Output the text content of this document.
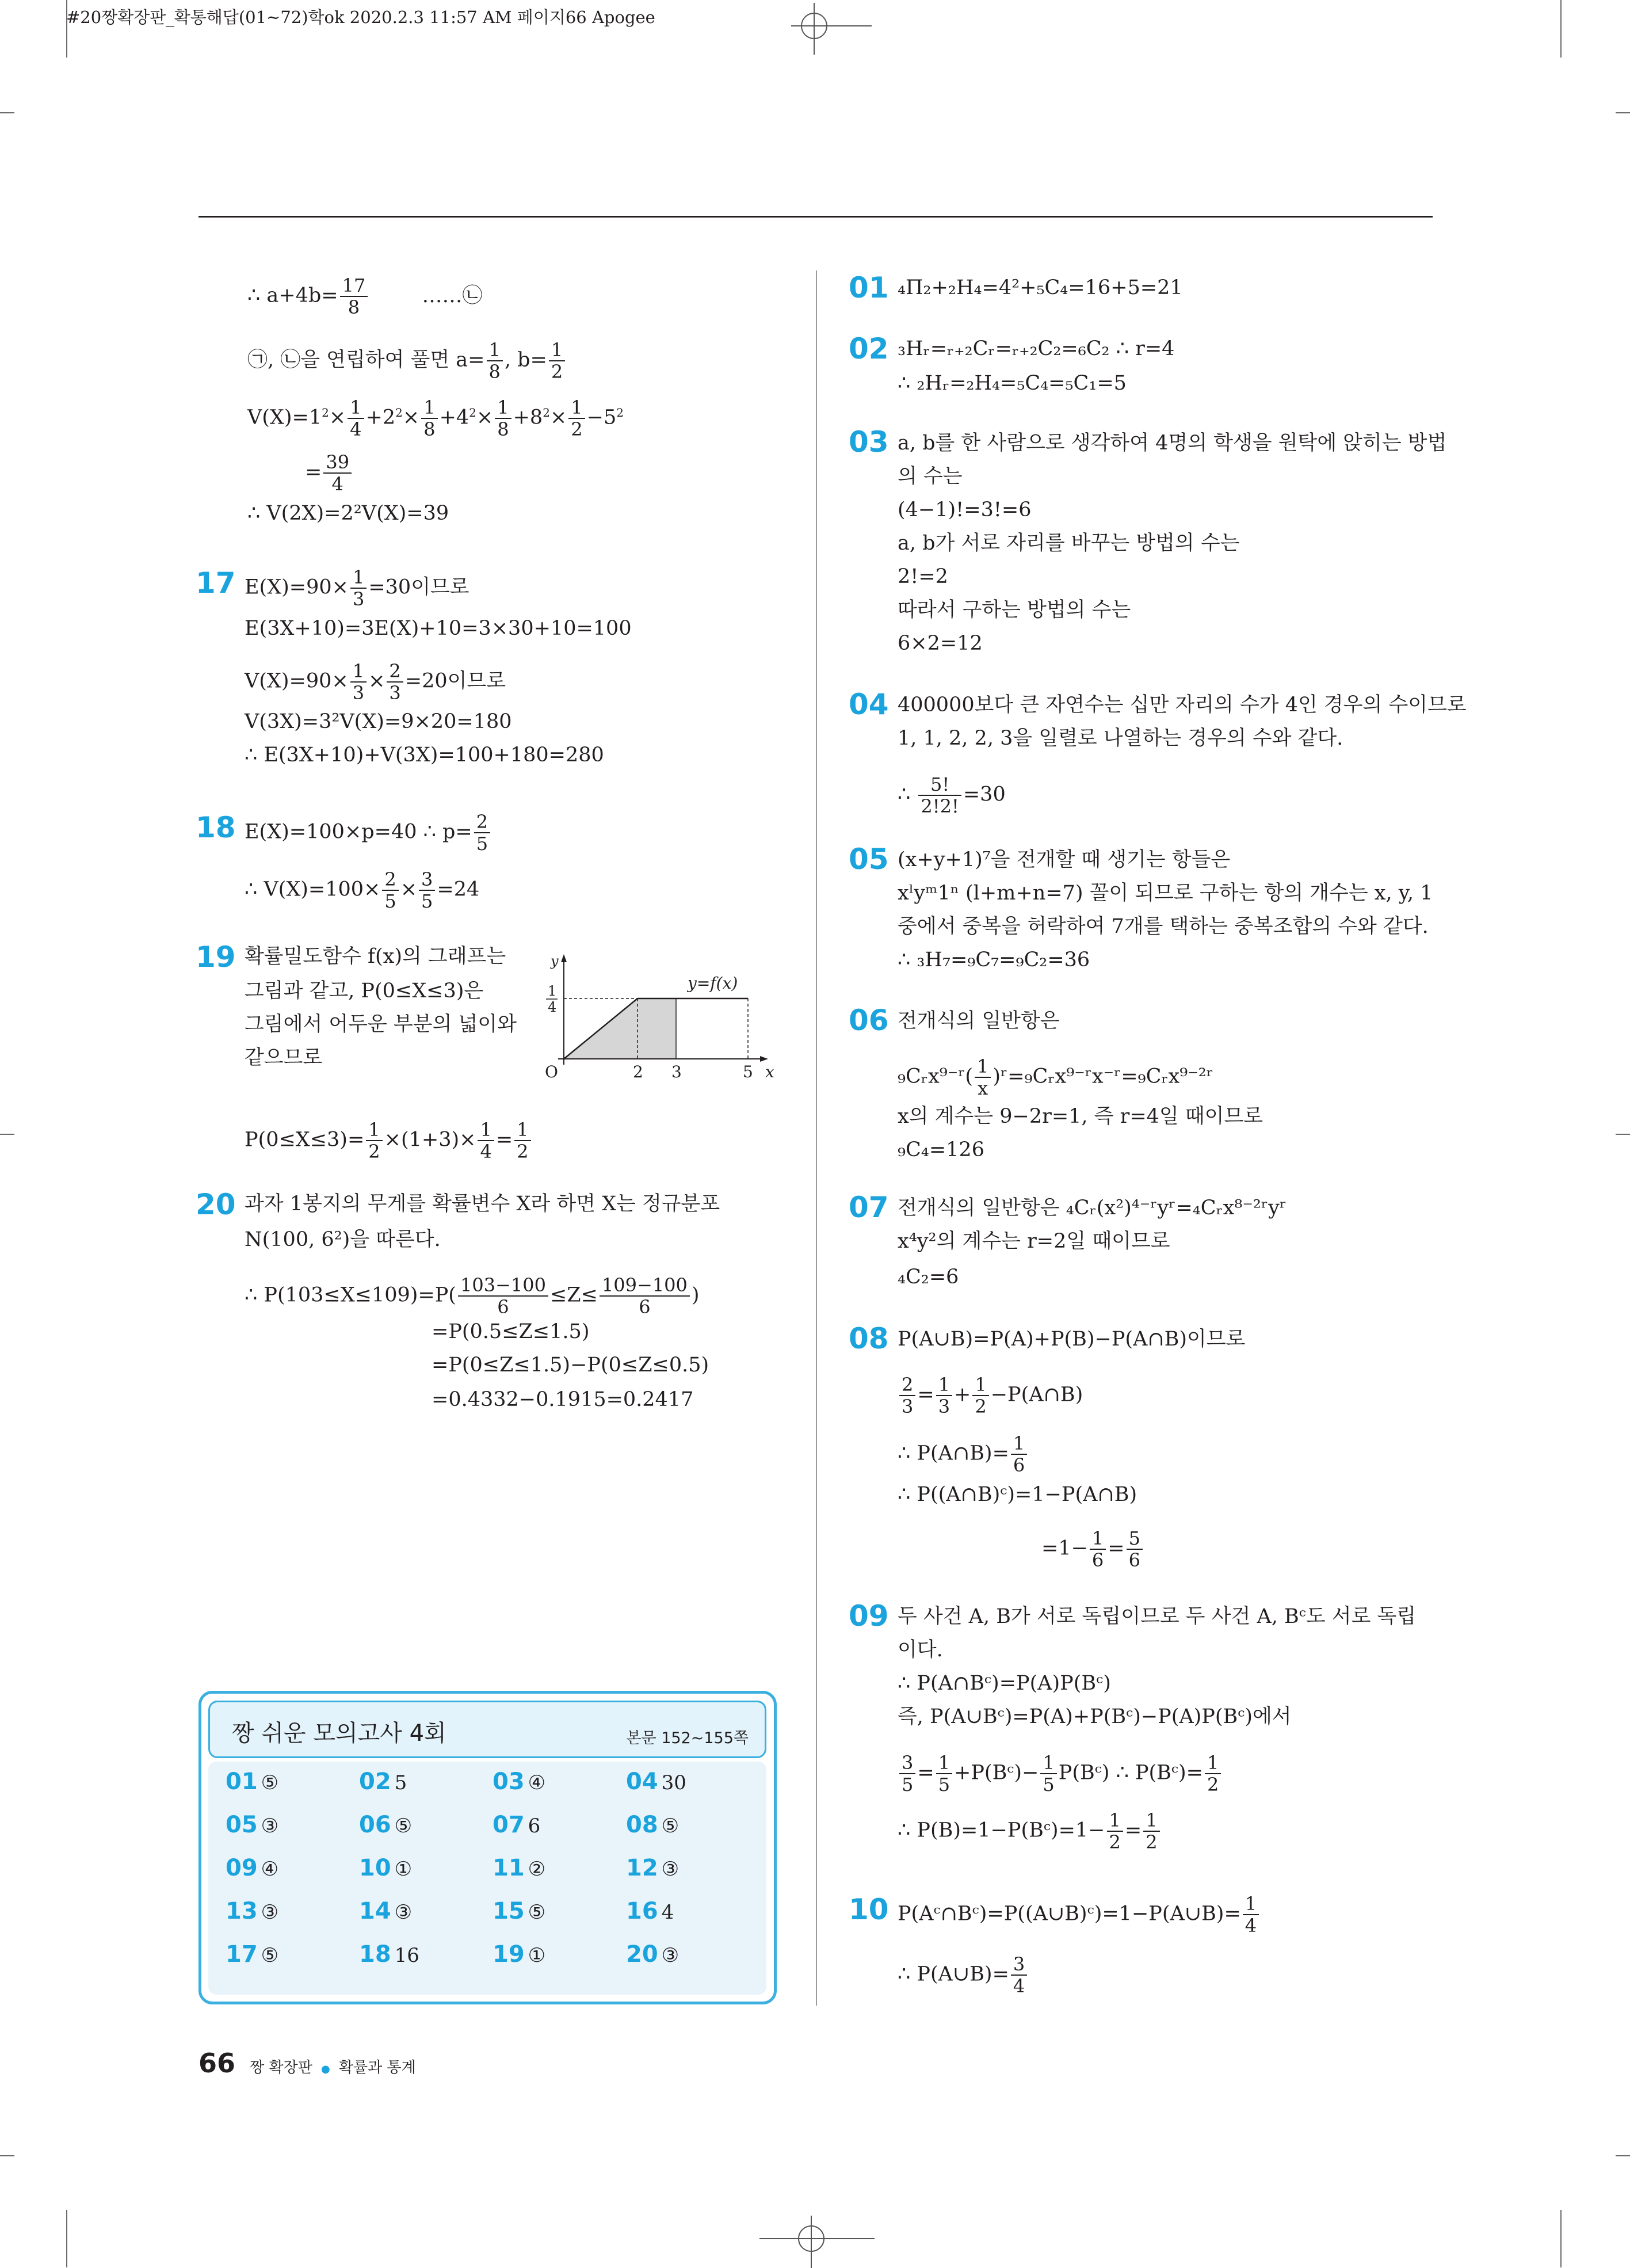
#20짱확장판_확통해답(01~72)학ok 2020.2.3 11:57 AM 페이지66 Apogee
∴ $a+4b= \frac{17}{8}$	……㉡
㉠, ㉡을 연립하여 풀면 $a= \frac{1}{8}$ , $b= \frac{1}{2}$
$V(X)=1^2\times \frac{1}{4} +2^2\times \frac{1}{8} +4^2\times \frac{1}{8} +8^2\times \frac{1}{2} -5^2$
= $\frac{39}{4}$
∴ V(2X)=2²V(X)=39
17 $E(X)=90\times \frac{1}{3} =30$이므로
E(3X+10)=3E(X)+10=3×30+10=100
$V(X)=90\times \frac{1}{3} \times \frac{2}{3} =20$이므로
V(3X)=3²V(X)=9×20=180
∴ E(3X+10)+V(3X)=100+180=280
18 E(X)=100×p=40 ∴ $p= \frac{2}{5}$
∴ $V(X)=100\times \frac{2}{5} \times \frac{3}{5} =24$
19 확률밀도함수 f(x)의 그래프는
그림과 같고, P(0≤X≤3)은
그림에서 어두운 부분의 넓이와
같으므로
y
x
O
y=f(x)
1
4
2 3	5
$P(0\le X\le 3)= \frac{1}{2} \times(1+3)\times \frac{1}{4} = \frac{1}{2}$
20 과자 1봉지의 무게를 확률변수 X라 하면 X는 정규분포
N(100, 6²)을 따른다.
∴ $P(103\le X\le 109)=P( \frac{103-100}{6} \le Z\le \frac{109-100}{6}$ )
=P(0.5≤Z≤1.5)
=P(0≤Z≤1.5)−P(0≤Z≤0.5)
=0.4332−0.1915=0.2417
짱 쉬운 모의고사 4회	본문 152~155쪽
01 ⑤	02 5	03 ④	04 30
05 ③	06 ⑤	07 6	08 ⑤
09 ④	10 ①	11 ②	12 ③
13 ③	14 ③	15 ⑤	16 4
17 ⑤	18 16	19 ①	20 ③
01 ₄Π₂+₂H₄=4²+₅C₄=16+5=21
02 ₃Hᵣ=ᵣ₊₂Cᵣ=ᵣ₊₂C₂=₆C₂ ∴ r=4
∴ ₂Hᵣ=₂H₄=₅C₄=₅C₁=5
03 a, b를 한 사람으로 생각하여 4명의 학생을 원탁에 앉히는 방법
의 수는
(4−1)!=3!=6
a, b가 서로 자리를 바꾸는 방법의 수는
2!=2
따라서 구하는 방법의 수는
6×2=12
04 400000보다 큰 자연수는 십만 자리의 수가 4인 경우의 수이므로
1, 1, 2, 2, 3을 일렬로 나열하는 경우의 수와 같다.
∴ $\frac{5!}{2!2!} =30$
05 (x+y+1)⁷을 전개할 때 생기는 항들은
xˡyᵐ1ⁿ (l+m+n=7) 꼴이 되므로 구하는 항의 개수는 x, y, 1
중에서 중복을 허락하여 7개를 택하는 중복조합의 수와 같다.
∴ ₃H₇=₉C₇=₉C₂=36
06 전개식의 일반항은
₉Cᵣx⁹⁻ʳ( $\frac{1}{x}$ )ʳ=₉Cᵣx⁹⁻ʳx⁻ʳ=₉Cᵣx⁹⁻²ʳ
x의 계수는 9−2r=1, 즉 r=4일 때이므로
₉C₄=126
07 전개식의 일반항은 ₄Cᵣ(x²)⁴⁻ʳyʳ=₄Cᵣx⁸⁻²ʳyʳ
x⁴y²의 계수는 r=2일 때이므로
₄C₂=6
08 P(A∪B)=P(A)+P(B)−P(A∩B)이므로
$\frac{2}{3} = \frac{1}{3} + \frac{1}{2}$ −P(A∩B)
∴ P(A∩B)= $\frac{1}{6}$
∴ P((A∩B)ᶜ)=1−P(A∩B)
$=1- \frac{1}{6} = \frac{5}{6}$
09 두 사건 A, B가 서로 독립이므로 두 사건 A, Bᶜ도 서로 독립
이다.
∴ P(A∩Bᶜ)=P(A)P(Bᶜ)
즉, P(A∪Bᶜ)=P(A)+P(Bᶜ)−P(A)P(Bᶜ)에서
$\frac{3}{5} = \frac{1}{5}$ +P(Bᶜ)− $\frac{1}{5}$ P(Bᶜ) ∴ P(Bᶜ)= $\frac{1}{2}$
∴ P(B)=1−P(Bᶜ)=1− $\frac{1}{2} = \frac{1}{2}$
10 P(Aᶜ∩Bᶜ)=P((A∪B)ᶜ)=1−P(A∪B)= $\frac{1}{4}$
∴ P(A∪B)= $\frac{3}{4}$
66 짱 확장판 ● 확률과 통계
